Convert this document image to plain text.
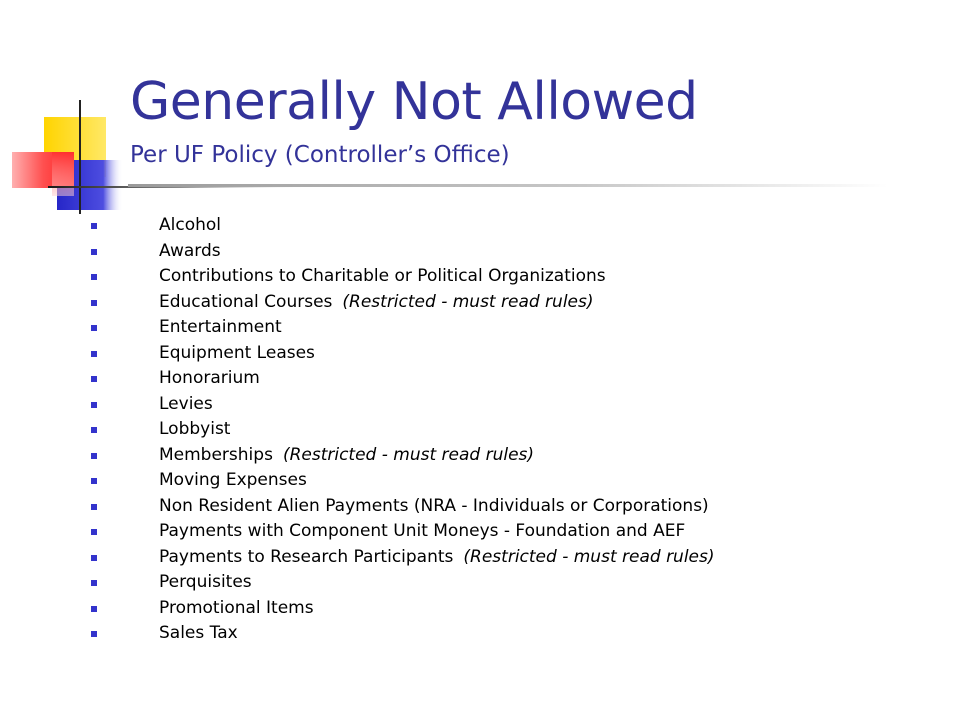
Generally Not Allowed
Per UF Policy (Controller’s Office)
Alcohol
Awards
Contributions to Charitable or Political Organizations
Educational Courses (Restricted - must read rules)
Entertainment
Equipment Leases
Honorarium
Levies
Lobbyist
Memberships (Restricted - must read rules)
Moving Expenses
Non Resident Alien Payments (NRA - Individuals or Corporations)
Payments with Component Unit Moneys - Foundation and AEF
Payments to Research Participants (Restricted - must read rules)
Perquisites
Promotional Items
Sales Tax
